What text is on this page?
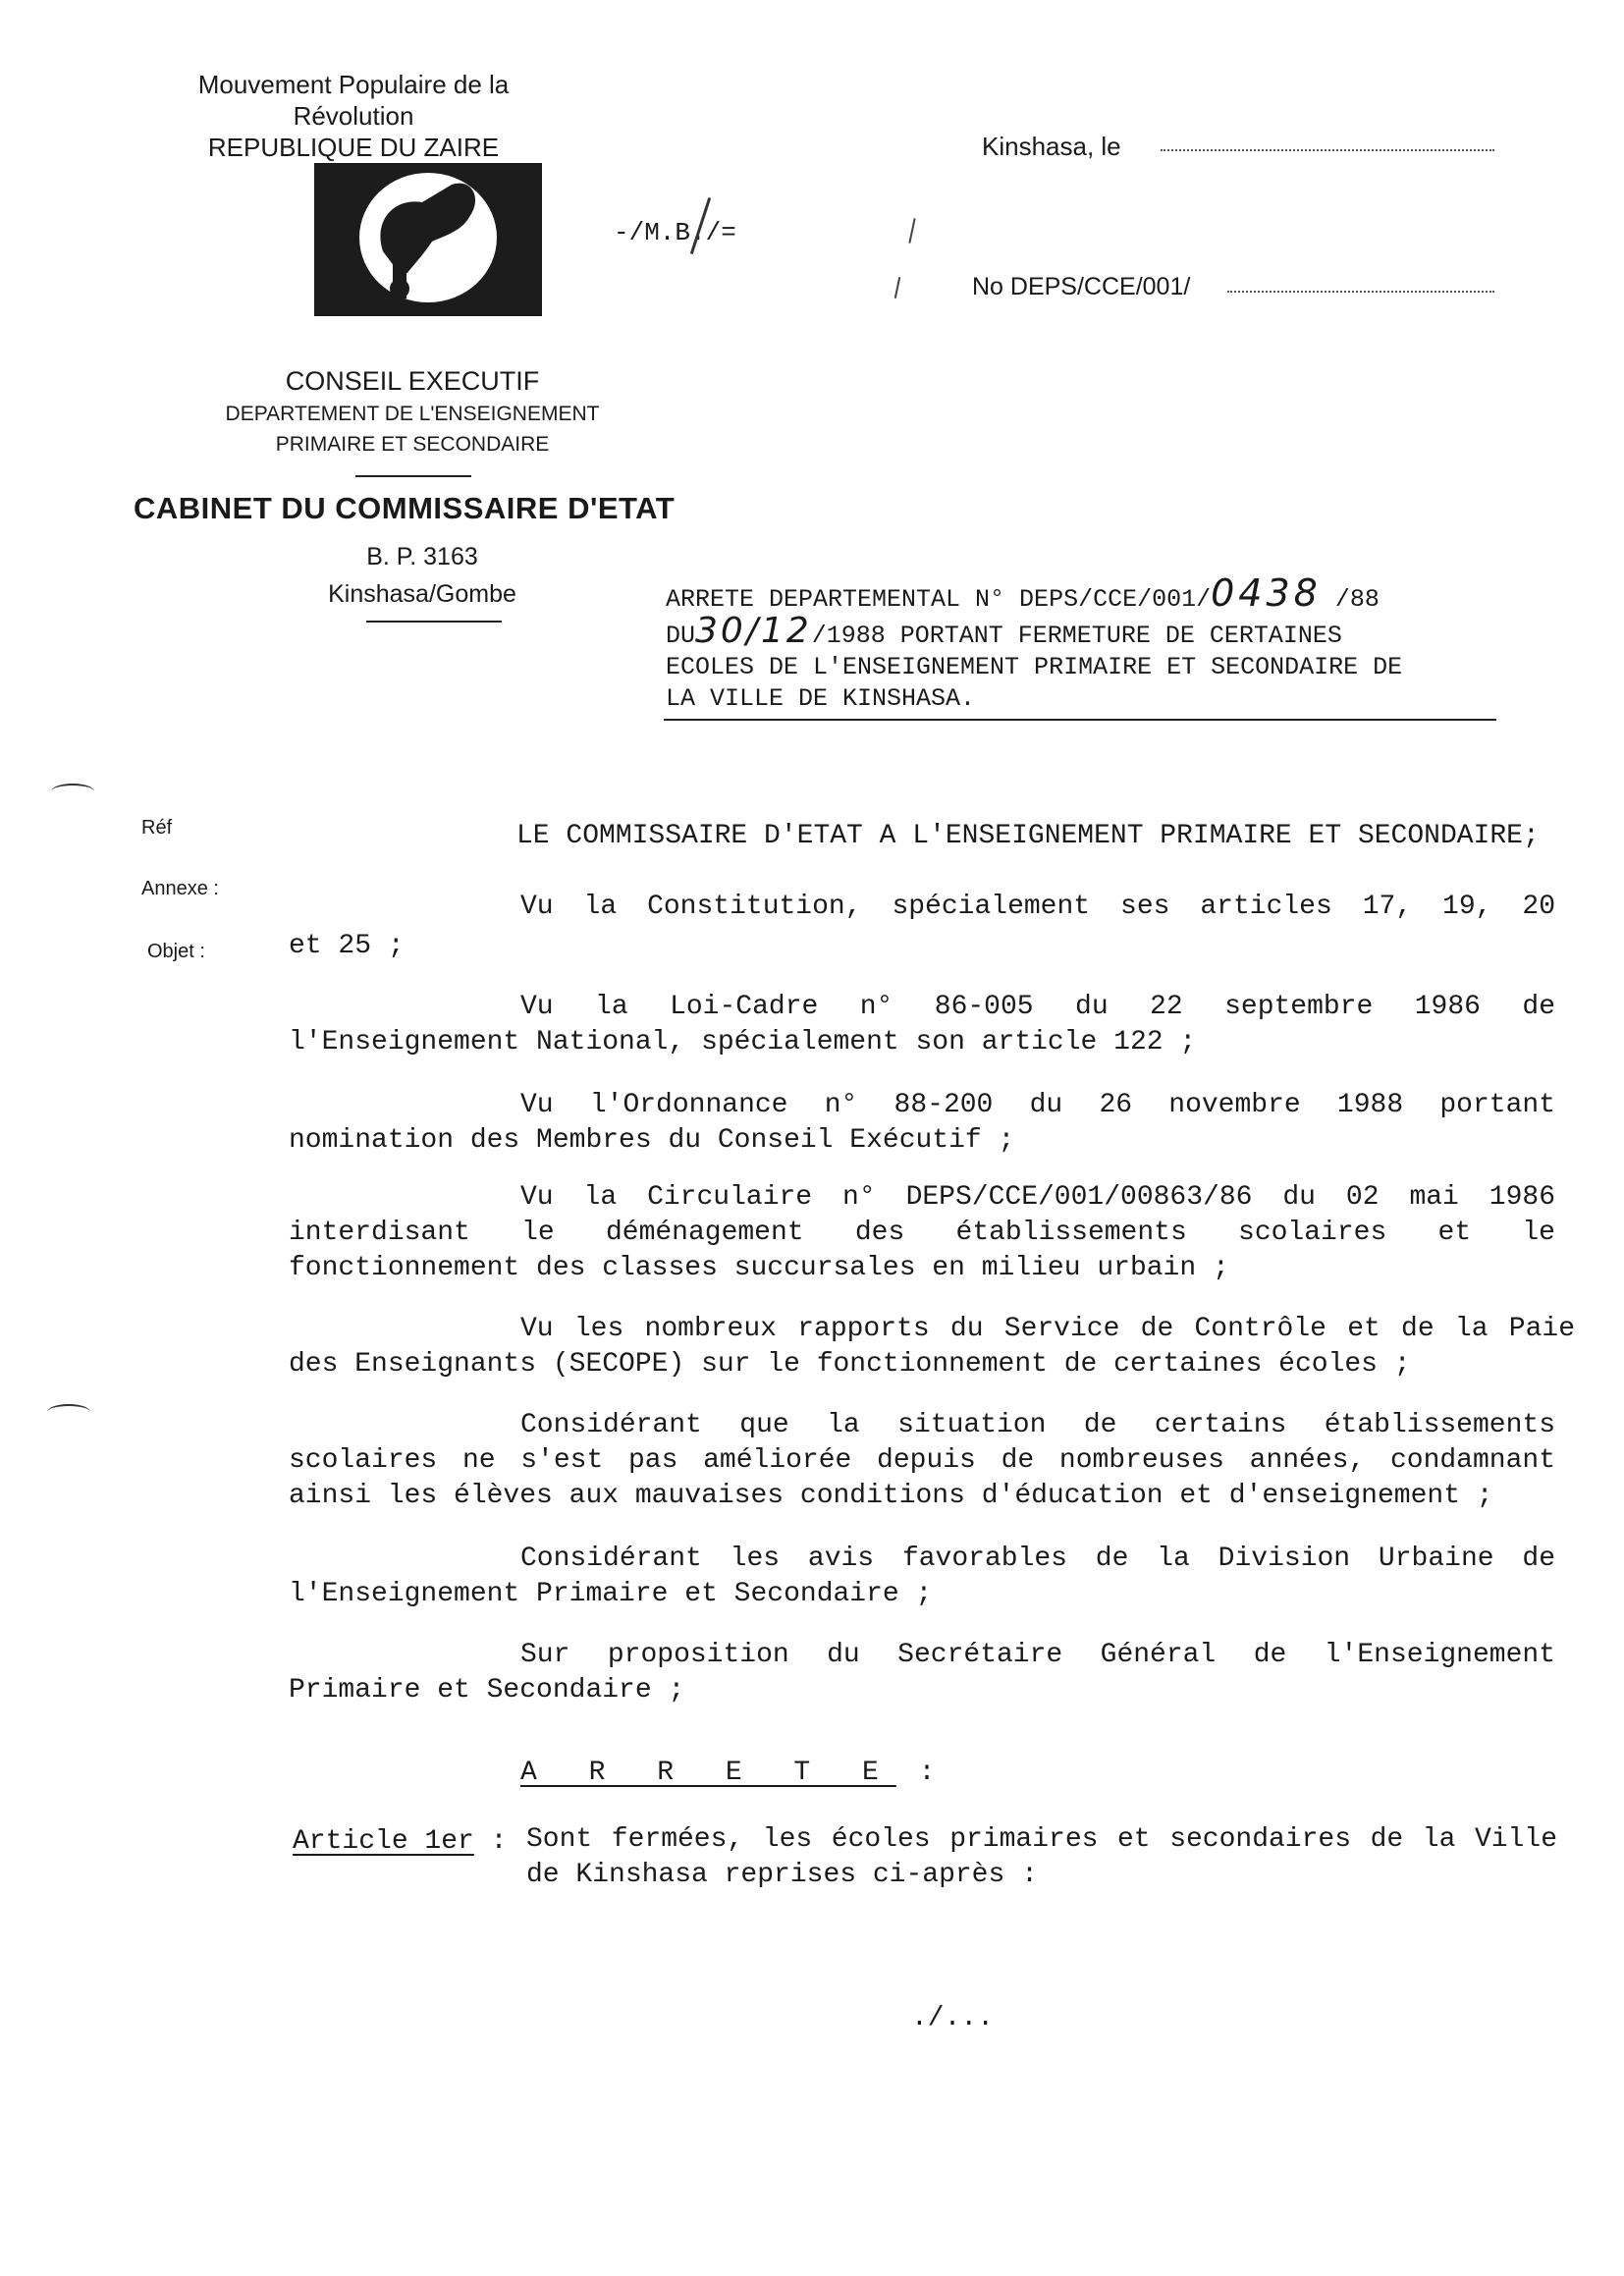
Mouvement Populaire de la Révolution
REPUBLIQUE DU ZAIRE
-/M.B./=
Kinshasa, le
No DEPS/CCE/001/
CONSEIL EXECUTIF
DEPARTEMENT DE L'ENSEIGNEMENT
PRIMAIRE ET SECONDAIRE
CABINET DU COMMISSAIRE D'ETAT
B. P. 3163
Kinshasa/Gombe	ARRETE DEPARTEMENTAL N° DEPS/CCE/001/0438 /88
DU30/12/1988 PORTANT FERMETURE DE CERTAINES
ECOLES DE L'ENSEIGNEMENT PRIMAIRE ET SECONDAIRE DE
LA VILLE DE KINSHASA.
Réf
Annexe :
Objet :
LE COMMISSAIRE D'ETAT A L'ENSEIGNEMENT PRIMAIRE ET SECONDAIRE;
Vu la Constitution, spécialement ses articles 17, 19, 20
et 25 ;
Vu la Loi-Cadre n° 86-005 du 22 septembre 1986 de l'Enseignement National, spécialement son article 122 ;
Vu l'Ordonnance n° 88-200 du 26 novembre 1988 portant nomination des Membres du Conseil Exécutif ;
Vu la Circulaire n° DEPS/CCE/001/00863/86 du 02 mai 1986 interdisant le déménagement des établissements scolaires et le fonctionnement des classes succursales en milieu urbain ;
Vu les nombreux rapports du Service de Contrôle et de la Paie des Enseignants (SECOPE) sur le fonctionnement de certaines écoles ;
Considérant que la situation de certains établissements scolaires ne s'est pas améliorée depuis de nombreuses années, condamnant ainsi les élèves aux mauvaises conditions d'éducation et d'enseignement ;
Considérant les avis favorables de la Division Urbaine de l'Enseignement Primaire et Secondaire ;
Sur proposition du Secrétaire Général de l'Enseignement Primaire et Secondaire ;
A R R E T E :
Article 1er : Sont fermées, les écoles primaires et secondaires de la Ville de Kinshasa reprises ci-après :
./...
